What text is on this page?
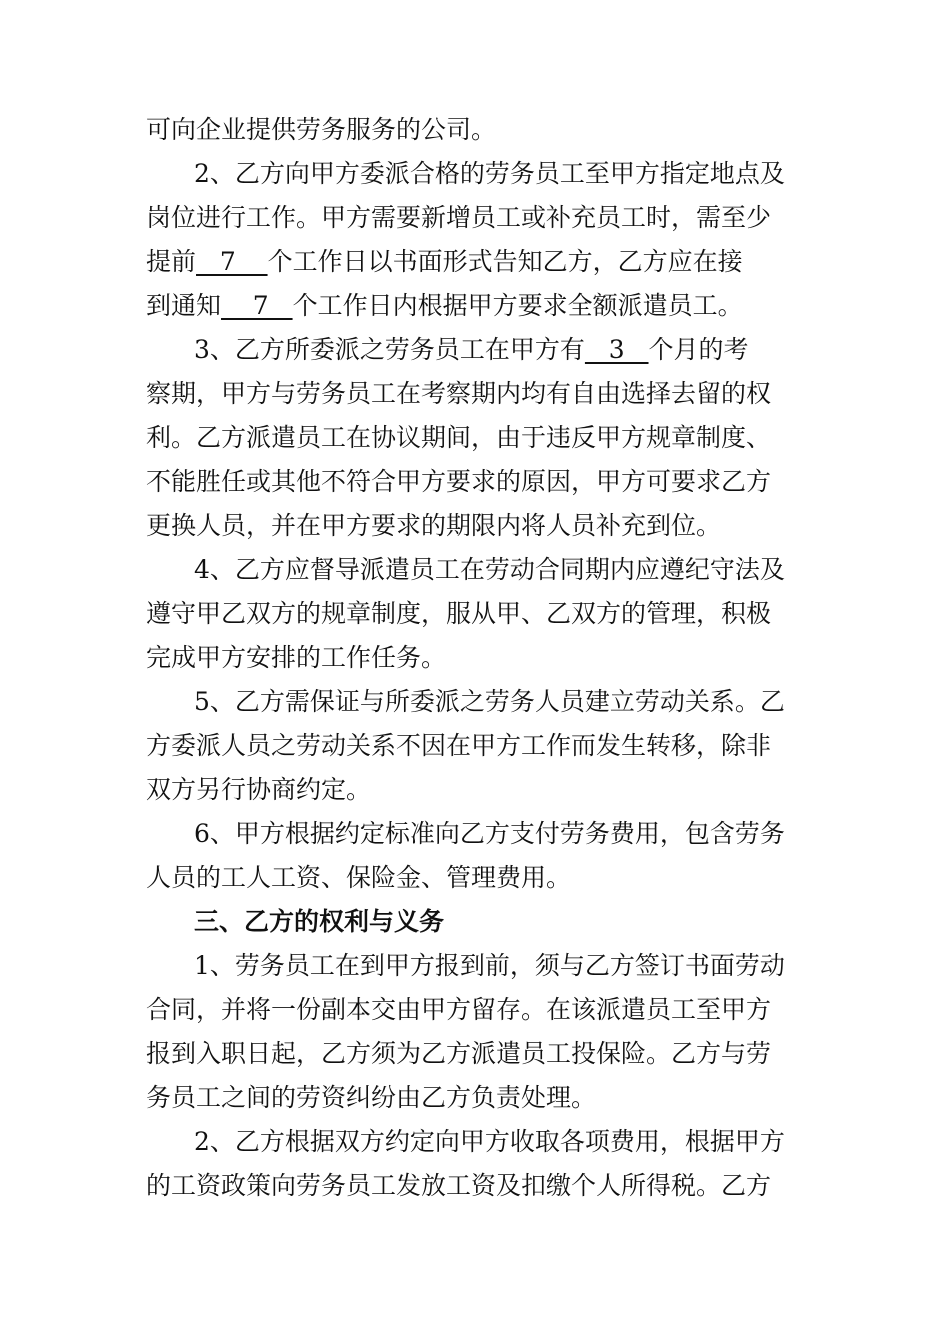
可向企业提供劳务服务的公司。
2、乙方向甲方委派合格的劳务员工至甲方指定地点及
岗位进行工作。甲方需要新增员工或补充员工时，需至少
提前   7    个工作日以书面形式告知乙方，乙方应在接
到通知    7   个工作日内根据甲方要求全额派遣员工。
3、乙方所委派之劳务员工在甲方有   3   个月的考
察期，甲方与劳务员工在考察期内均有自由选择去留的权
利。乙方派遣员工在协议期间，由于违反甲方规章制度、
不能胜任或其他不符合甲方要求的原因，甲方可要求乙方
更换人员，并在甲方要求的期限内将人员补充到位。
4、乙方应督导派遣员工在劳动合同期内应遵纪守法及
遵守甲乙双方的规章制度，服从甲、乙双方的管理，积极
完成甲方安排的工作任务。
5、乙方需保证与所委派之劳务人员建立劳动关系。乙
方委派人员之劳动关系不因在甲方工作而发生转移，除非
双方另行协商约定。
6、甲方根据约定标准向乙方支付劳务费用，包含劳务
人员的工人工资、保险金、管理费用。
三、乙方的权利与义务
1、劳务员工在到甲方报到前，须与乙方签订书面劳动
合同，并将一份副本交由甲方留存。在该派遣员工至甲方
报到入职日起，乙方须为乙方派遣员工投保险。乙方与劳
务员工之间的劳资纠纷由乙方负责处理。
2、乙方根据双方约定向甲方收取各项费用，根据甲方
的工资政策向劳务员工发放工资及扣缴个人所得税。乙方
